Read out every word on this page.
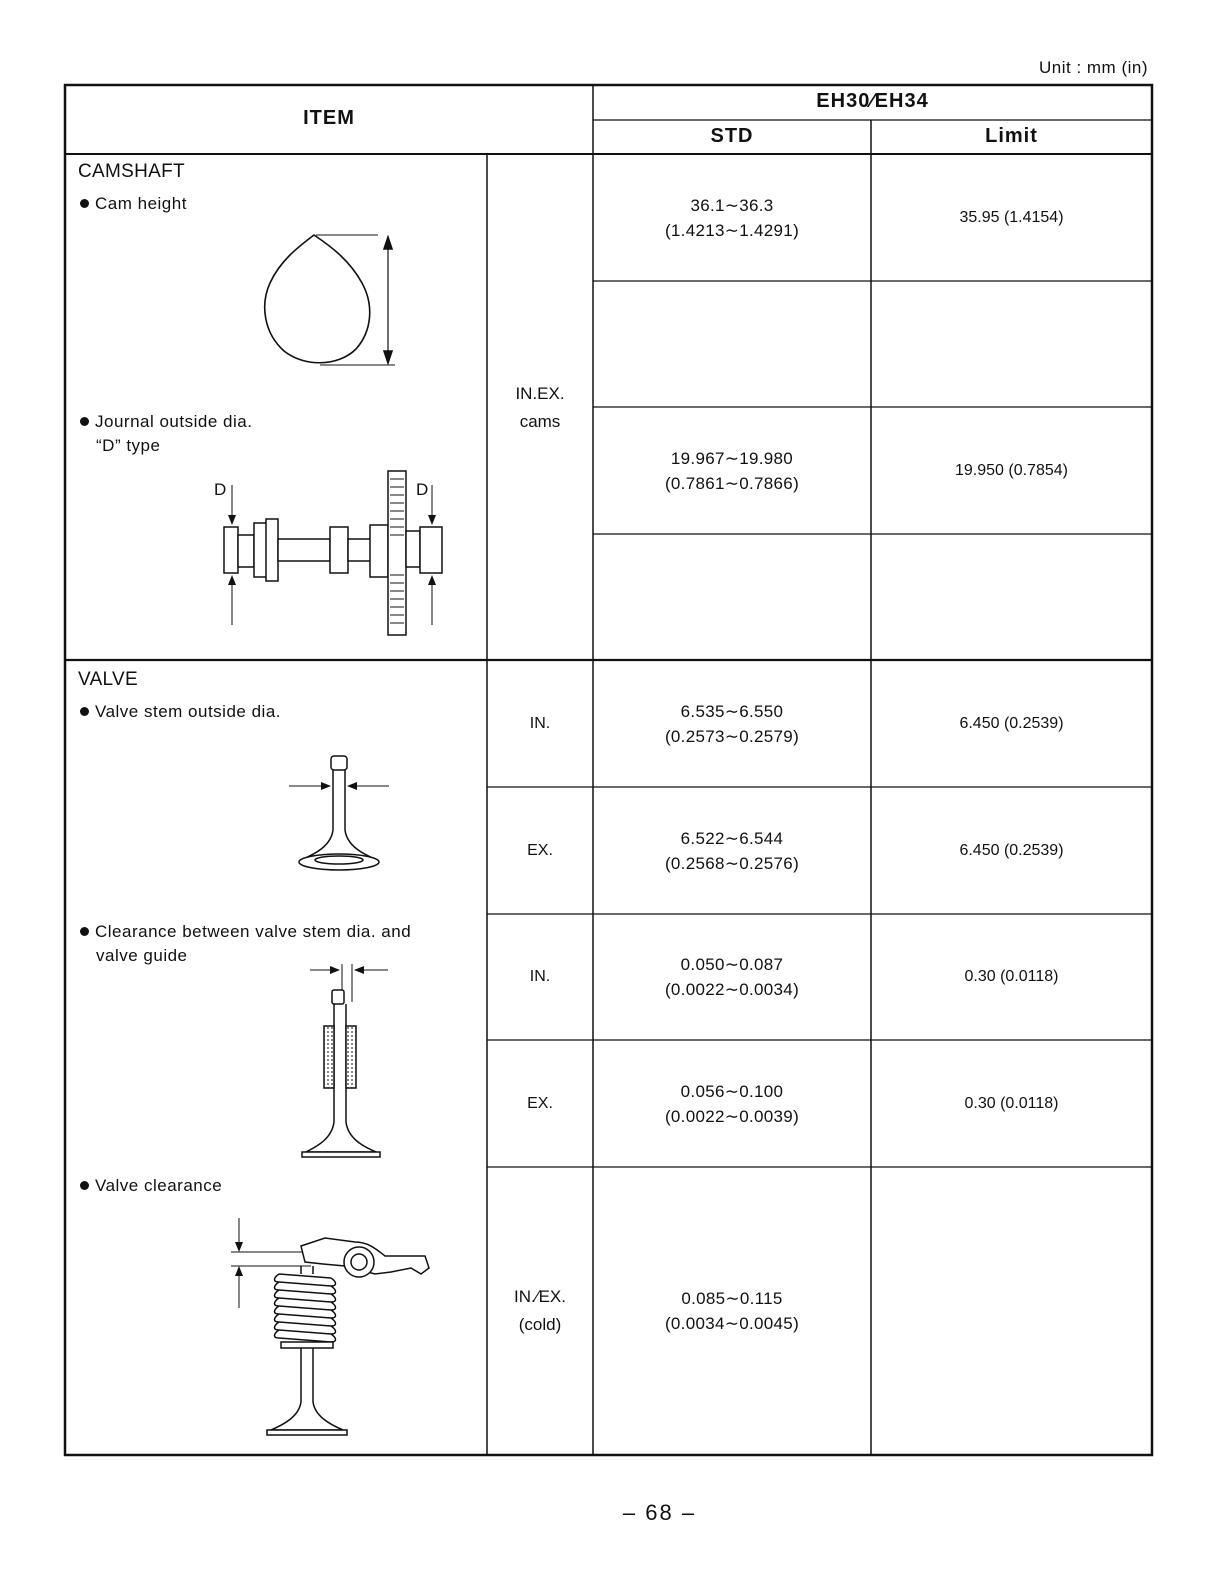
Unit : mm (in)
ITEM
EH30∕EH34
STD	Limit
CAMSHAFT
Cam height
Journal outside dia.
“D” type
D	D
IN.EX.
cams
36.1∼36.3
(1.4213∼1.4291)
35.95 (1.4154)
19.967∼19.980
(0.7861∼0.7866)
19.950 (0.7854)
VALVE
Valve stem outside dia.
Clearance between valve stem dia. and
valve guide
Valve clearance
IN.
6.535∼6.550
(0.2573∼0.2579)
6.450 (0.2539)
EX.
6.522∼6.544
(0.2568∼0.2576)
6.450 (0.2539)
IN.
0.050∼0.087
(0.0022∼0.0034)
0.30 (0.0118)
EX.
0.056∼0.100
(0.0022∼0.0039)
0.30 (0.0118)
IN.∕EX.
(cold)
0.085∼0.115
(0.0034∼0.0045)
– 68 –
